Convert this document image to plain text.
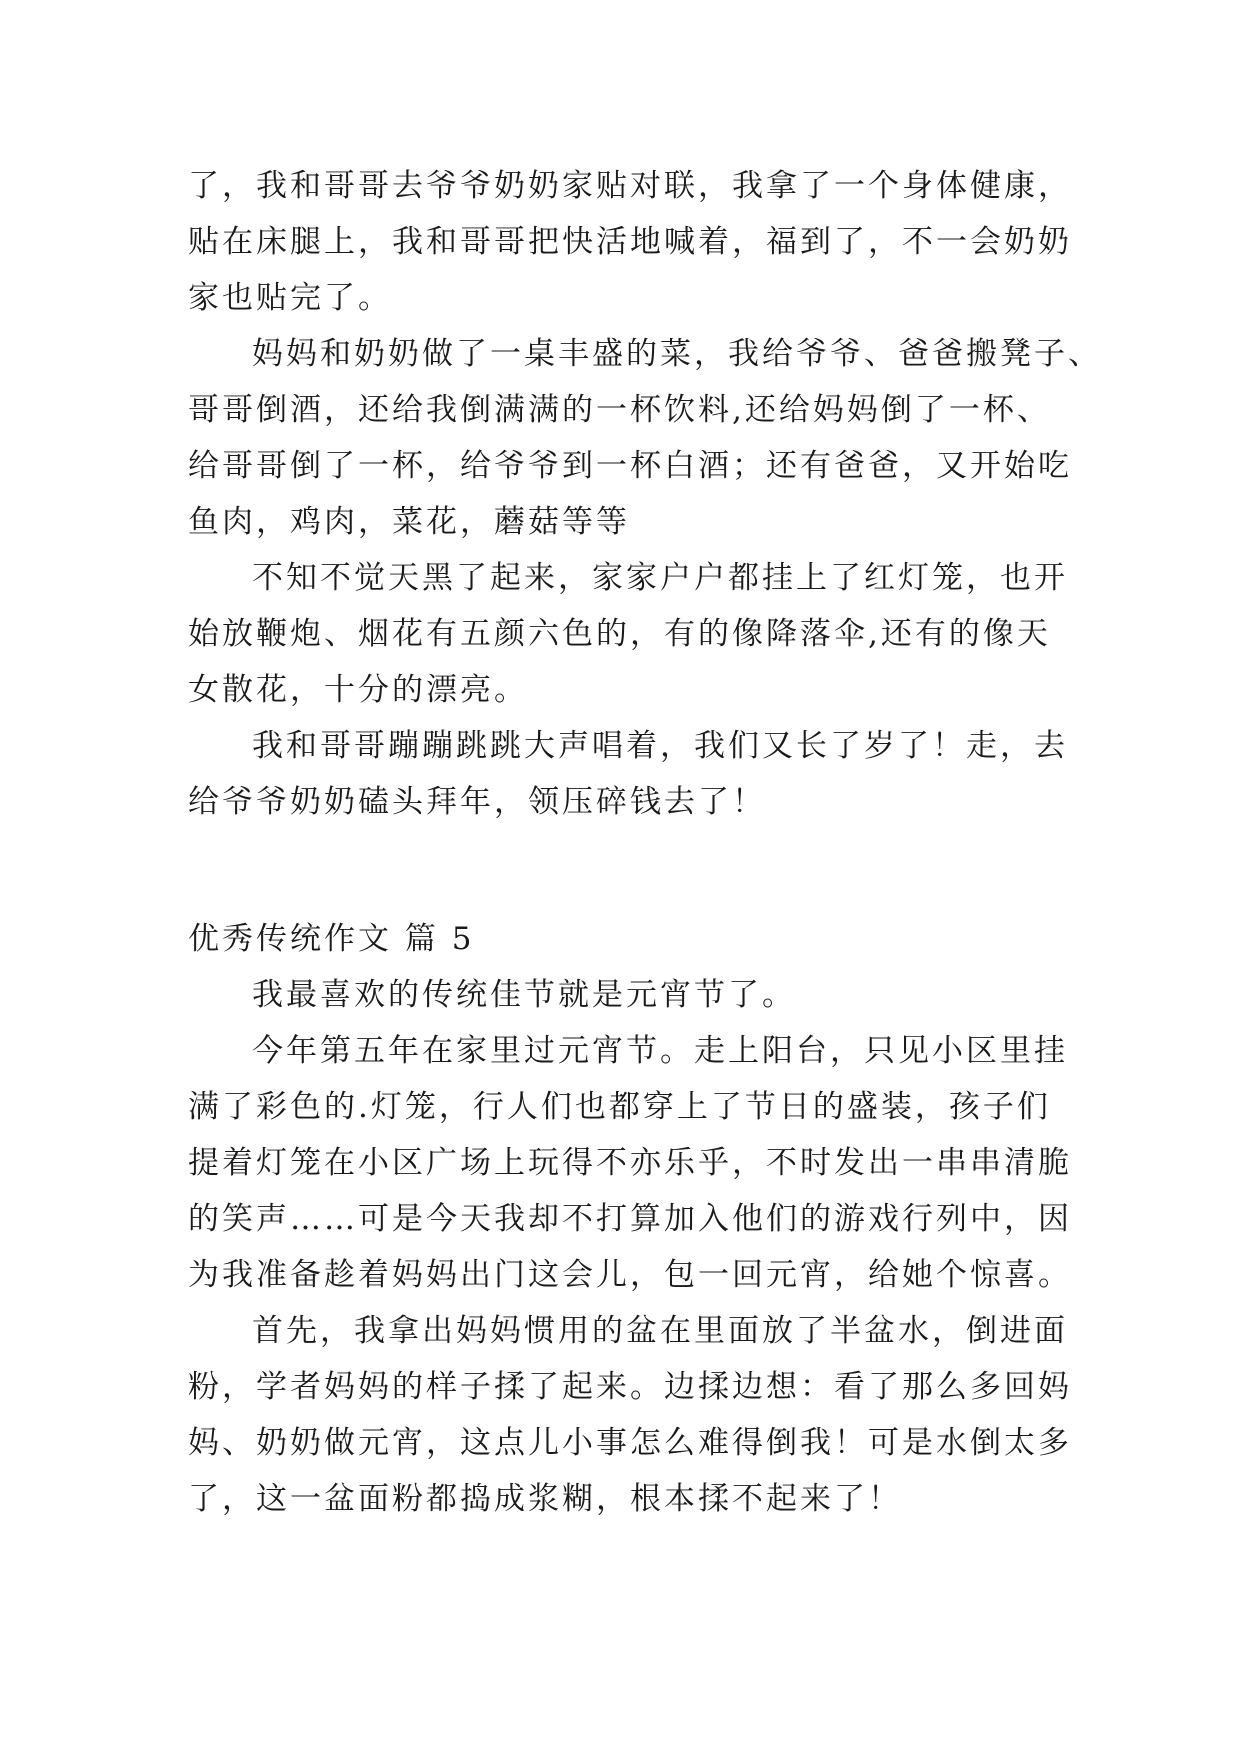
了，我和哥哥去爷爷奶奶家贴对联，我拿了一个身体健康，
贴在床腿上，我和哥哥把快活地喊着，福到了，不一会奶奶
家也贴完了。
妈妈和奶奶做了一桌丰盛的菜，我给爷爷、爸爸搬凳子、
哥哥倒酒，还给我倒满满的一杯饮料,还给妈妈倒了一杯、
给哥哥倒了一杯，给爷爷到一杯白酒；还有爸爸，又开始吃
鱼肉，鸡肉，菜花，蘑菇等等
不知不觉天黑了起来，家家户户都挂上了红灯笼，也开
始放鞭炮、烟花有五颜六色的，有的像降落伞,还有的像天
女散花，十分的漂亮。
我和哥哥蹦蹦跳跳大声唱着，我们又长了岁了！走，去
给爷爷奶奶磕头拜年，领压碎钱去了！
优秀传统作文 篇 5
我最喜欢的传统佳节就是元宵节了。
今年第五年在家里过元宵节。走上阳台，只见小区里挂
满了彩色的.灯笼，行人们也都穿上了节日的盛装，孩子们
提着灯笼在小区广场上玩得不亦乐乎，不时发出一串串清脆
的笑声……可是今天我却不打算加入他们的游戏行列中，因
为我准备趁着妈妈出门这会儿，包一回元宵，给她个惊喜。
首先，我拿出妈妈惯用的盆在里面放了半盆水，倒进面
粉，学者妈妈的样子揉了起来。边揉边想：看了那么多回妈
妈、奶奶做元宵，这点儿小事怎么难得倒我！可是水倒太多
了，这一盆面粉都捣成浆糊，根本揉不起来了！
